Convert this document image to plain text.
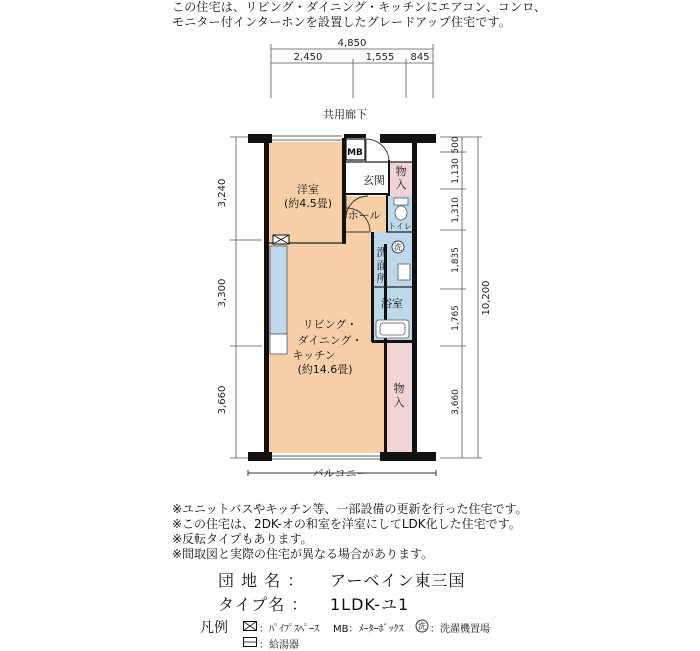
この住宅は、リビング・ダイニング・キッチンにエアコン、コンロ、
モニター付インターホンを設置したグレードアップ住宅です。
4,850
2,450	1,555 845
3,240
3,300
3,660
500
1,130
1,310
1,835
1,765
3,660
10,200
共用廊下
MB
洗
玄関
物
入
洋室
(約4.5畳)
ホール
トイレ
洗
面
所
浴室
リビング・
ダイニング・
キッチン
(約14.6畳)
物
入
バルコニー
※ユニットバスやキッチン等、一部設備の更新を行った住宅です。
※この住宅は、2DK-オの和室を洋室にしてLDK化した住宅です。
※反転タイプもあります。
※間取図と実際の住宅が異なる場合があります。
団 地 名 ： アーベイン東三国
タイプ名 ： 1LDK-ユ1
凡例	：ﾊﾟｲﾌﾟｽﾍﾟｰｽ MB：ﾒｰﾀｰﾎﾞｯｸｽ 洗 ：洗濯機置場
：給湯器
